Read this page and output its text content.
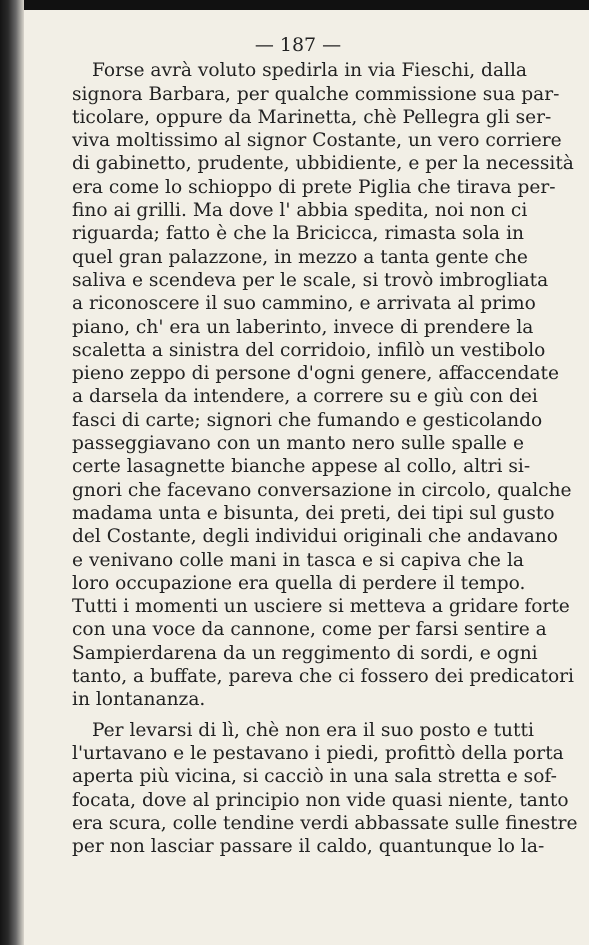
— 187 —
Forse avrà voluto spedirla in via Fieschi, dalla
signora Barbara, per qualche commissione sua par-
ticolare, oppure da Marinetta, chè Pellegra gli ser-
viva moltissimo al signor Costante, un vero corriere
di gabinetto, prudente, ubbidiente, e per la necessità
era come lo schioppo di prete Piglia che tirava per-
fino ai grilli. Ma dove l' abbia spedita, noi non ci
riguarda; fatto è che la Bricicca, rimasta sola in
quel gran palazzone, in mezzo a tanta gente che
saliva e scendeva per le scale, si trovò imbrogliata
a riconoscere il suo cammino, e arrivata al primo
piano, ch' era un laberinto, invece di prendere la
scaletta a sinistra del corridoio, infilò un vestibolo
pieno zeppo di persone d'ogni genere, affaccendate
a darsela da intendere, a correre su e giù con dei
fasci di carte; signori che fumando e gesticolando
passeggiavano con un manto nero sulle spalle e
certe lasagnette bianche appese al collo, altri si-
gnori che facevano conversazione in circolo, qualche
madama unta e bisunta, dei preti, dei tipi sul gusto
del Costante, degli individui originali che andavano
e venivano colle mani in tasca e si capiva che la
loro occupazione era quella di perdere il tempo.
Tutti i momenti un usciere si metteva a gridare forte
con una voce da cannone, come per farsi sentire a
Sampierdarena da un reggimento di sordi, e ogni
tanto, a buffate, pareva che ci fossero dei predicatori
in lontananza.
Per levarsi di lì, chè non era il suo posto e tutti
l'urtavano e le pestavano i piedi, profittò della porta
aperta più vicina, si cacciò in una sala stretta e sof-
focata, dove al principio non vide quasi niente, tanto
era scura, colle tendine verdi abbassate sulle finestre
per non lasciar passare il caldo, quantunque lo la-
